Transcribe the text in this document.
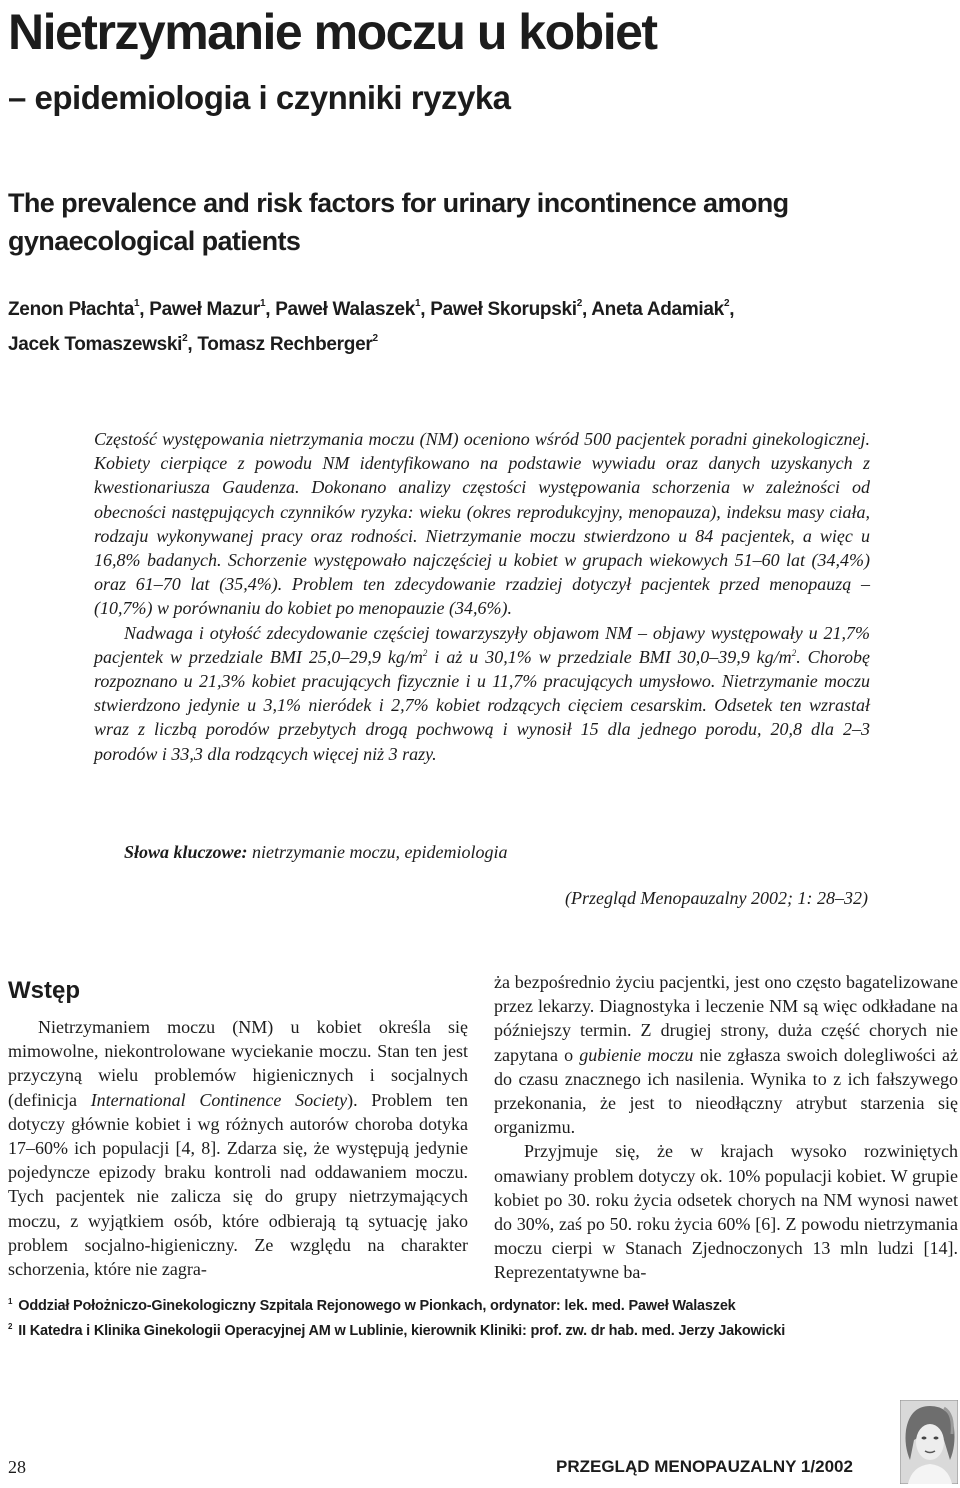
Nietrzymanie moczu u kobiet
– epidemiologia i czynniki ryzyka
The prevalence and risk factors for urinary incontinence among gynaecological patients
Zenon Płachta$^1$, Paweł Mazur$^1$, Paweł Walaszek$^1$, Paweł Skorupski$^2$, Aneta Adamiak$^2$,
Jacek Tomaszewski$^2$, Tomasz Rechberger$^2$

Częstość występowania nietrzymania moczu (NM) oceniono wśród 500 pacjentek poradni ginekologicznej. Kobiety cierpiące z powodu NM identyfikowano na podstawie wywiadu oraz danych uzyskanych z kwestionariusza Gaudenza. Dokonano analizy częstości występowania schorzenia w zależności od obecności następujących czynników ryzyka: wieku (okres reprodukcyjny, menopauza), indeksu masy ciała, rodzaju wykonywanej pracy oraz rodności. Nietrzymanie moczu stwierdzono u 84 pacjentek, a więc u 16,8% badanych. Schorzenie występowało najczęściej u kobiet w grupach wiekowych 51–60 lat (34,4%) oraz 61–70 lat (35,4%). Problem ten zdecydowanie rzadziej dotyczył pacjentek przed menopauzą – (10,7%) w porównaniu do kobiet po menopauzie (34,6%).

Nadwaga i otyłość zdecydowanie częściej towarzyszyły objawom NM – objawy występowały u 21,7% pacjentek w przedziale BMI 25,0–29,9 $kg/m^2$ i aż u 30,1% w przedziale BMI 30,0–39,9 $kg/m^2$. Chorobę rozpoznano u 21,3% kobiet pracujących fizycznie i u 11,7% pracujących umysłowo. Nietrzymanie moczu stwierdzono jedynie u 3,1% nieródek i 2,7% kobiet rodzących cięciem cesarskim. Odsetek ten wzrastał wraz z liczbą porodów przebytych drogą pochwową i wynosił 15 dla jednego porodu, 20,8 dla 2–3 porodów i 33,3 dla rodzących więcej niż 3 razy.

Słowa kluczowe: nietrzymanie moczu, epidemiologia
(Przegląd Menopauzalny 2002; 1: 28–32)
Wstęp

Nietrzymaniem moczu (NM) u kobiet określa się mimowolne, niekontrolowane wyciekanie moczu. Stan ten jest przyczyną wielu problemów higienicznych i socjalnych (definicja International Continence Society). Problem ten dotyczy głównie kobiet i wg różnych autorów choroba dotyka 17–60% ich populacji [4, 8]. Zdarza się, że występują jedynie pojedyncze epizody braku kontroli nad oddawaniem moczu. Tych pacjentek nie zalicza się do grupy nietrzymających moczu, z wyjątkiem osób, które odbierają tą sytuację jako problem socjalno-higieniczny. Ze względu na charakter schorzenia, które nie zagra-

ża bezpośrednio życiu pacjentki, jest ono często bagatelizowane przez lekarzy. Diagnostyka i leczenie NM są więc odkładane na późniejszy termin. Z drugiej strony, duża część chorych nie zapytana o gubienie moczu nie zgłasza swoich dolegliwości aż do czasu znacznego ich nasilenia. Wynika to z ich fałszywego przekonania, że jest to nieodłączny atrybut starzenia się organizmu.

Przyjmuje się, że w krajach wysoko rozwiniętych omawiany problem dotyczy ok. 10% populacji kobiet. W grupie kobiet po 30. roku życia odsetek chorych na NM wynosi nawet do 30%, zaś po 50. roku życia 60% [6]. Z powodu nietrzymania moczu cierpi w Stanach Zjednoczonych 13 mln ludzi [14]. Reprezentatywne ba-

$^1$ Oddział Położniczo-Ginekologiczny Szpitala Rejonowego w Pionkach, ordynator: lek. med. Paweł Walaszek
$^2$ II Katedra i Klinika Ginekologii Operacyjnej AM w Lublinie, kierownik Kliniki: prof. zw. dr hab. med. Jerzy Jakowicki
28	PRZEGLĄD MENOPAUZALNY 1/2002
